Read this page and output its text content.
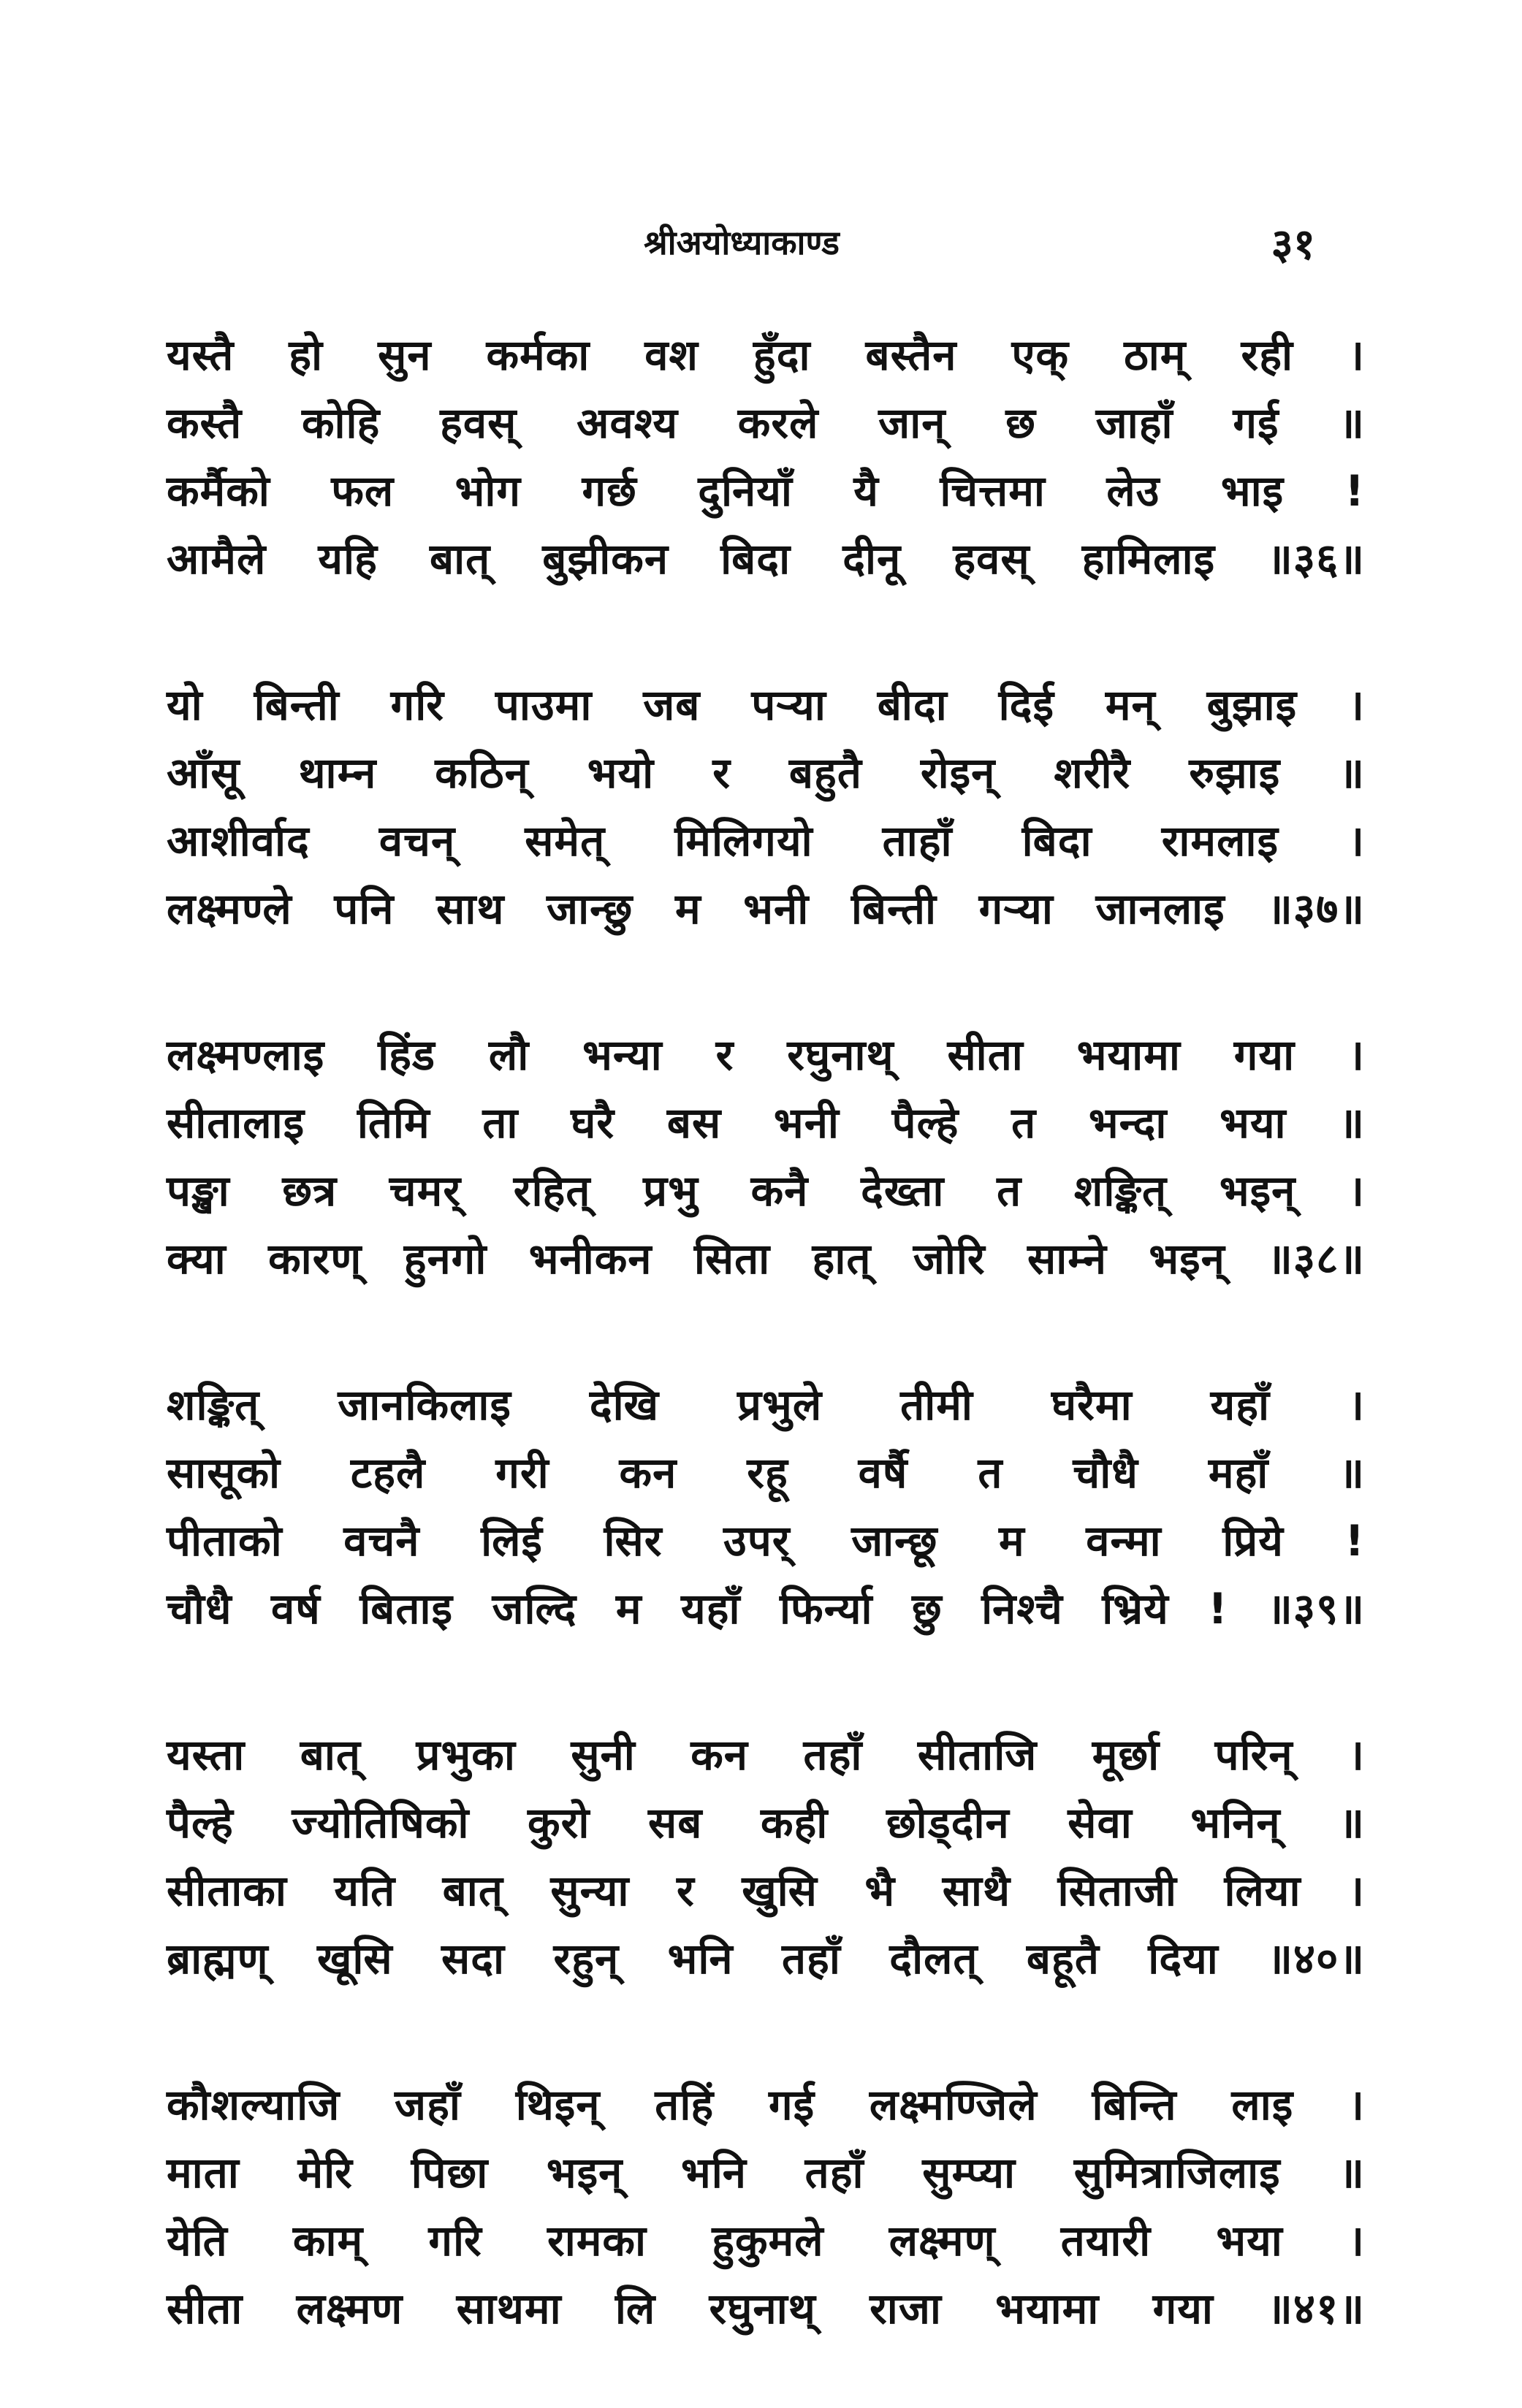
श्रीअयोध्याकाण्ड	३१
यस्तै हो सुन कर्मका वश हुँदा बस्तैन एक् ठाम् रही ।
कस्तै कोहि हवस् अवश्य करले जान् छ जाहाँ गई ॥
कर्मैको फल भोग गर्छ दुनियाँ यै चित्तमा लेउ भाइ !
आमैले यहि बात् बुझीकन बिदा दीनू हवस् हामिलाइ ॥३६॥
यो बिन्ती गरि पाउमा जब पऱ्या बीदा दिई मन् बुझाइ ।
आँसू थाम्न कठिन् भयो र बहुतै रोइन् शरीरै रुझाइ ॥
आशीर्वाद वचन् समेत् मिलिगयो ताहाँ बिदा रामलाइ ।
लक्ष्मण्ले पनि साथ जान्छु म भनी बिन्ती गऱ्या जानलाइ ॥३७॥
लक्ष्मण्लाइ हिंड लौ भन्या र रघुनाथ् सीता भयामा गया ।
सीतालाइ तिमि ता घरै बस भनी पैल्हे त भन्दा भया ॥
पङ्खा छत्र चमर् रहित् प्रभु कनै देख्ता त शङ्कित् भइन् ।
क्या कारण् हुनगो भनीकन सिता हात् जोरि साम्ने भइन् ॥३८॥
शङ्कित् जानकिलाइ देखि प्रभुले तीमी घरैमा यहाँ ।
सासूको टहलै गरी कन रहू वर्षै त चौधै महाँ ॥
पीताको वचनै लिई सिर उपर् जान्छू म वन्मा प्रिये !
चौधै वर्ष बिताइ जल्दि म यहाँ फिर्न्या छु निश्चै भ्रिये ! ॥३९॥
यस्ता बात् प्रभुका सुनी कन तहाँ सीताजि मूर्छा परिन् ।
पैल्हे ज्योतिषिको कुरो सब कही छोड्दीन सेवा भनिन् ॥
सीताका यति बात् सुन्या र खुसि भै साथै सिताजी लिया ।
ब्राह्मण् खूसि सदा रहुन् भनि तहाँ दौलत् बहूतै दिया ॥४०॥
कौशल्याजि जहाँ थिइन् तहिं गई लक्ष्मण्जिले बिन्ति लाइ ।
माता मेरि पिछा भइन् भनि तहाँ सुम्प्या सुमित्राजिलाइ ॥
येति काम् गरि रामका हुकुमले लक्ष्मण् तयारी भया ।
सीता लक्ष्मण साथमा लि रघुनाथ् राजा भयामा गया ॥४१॥
